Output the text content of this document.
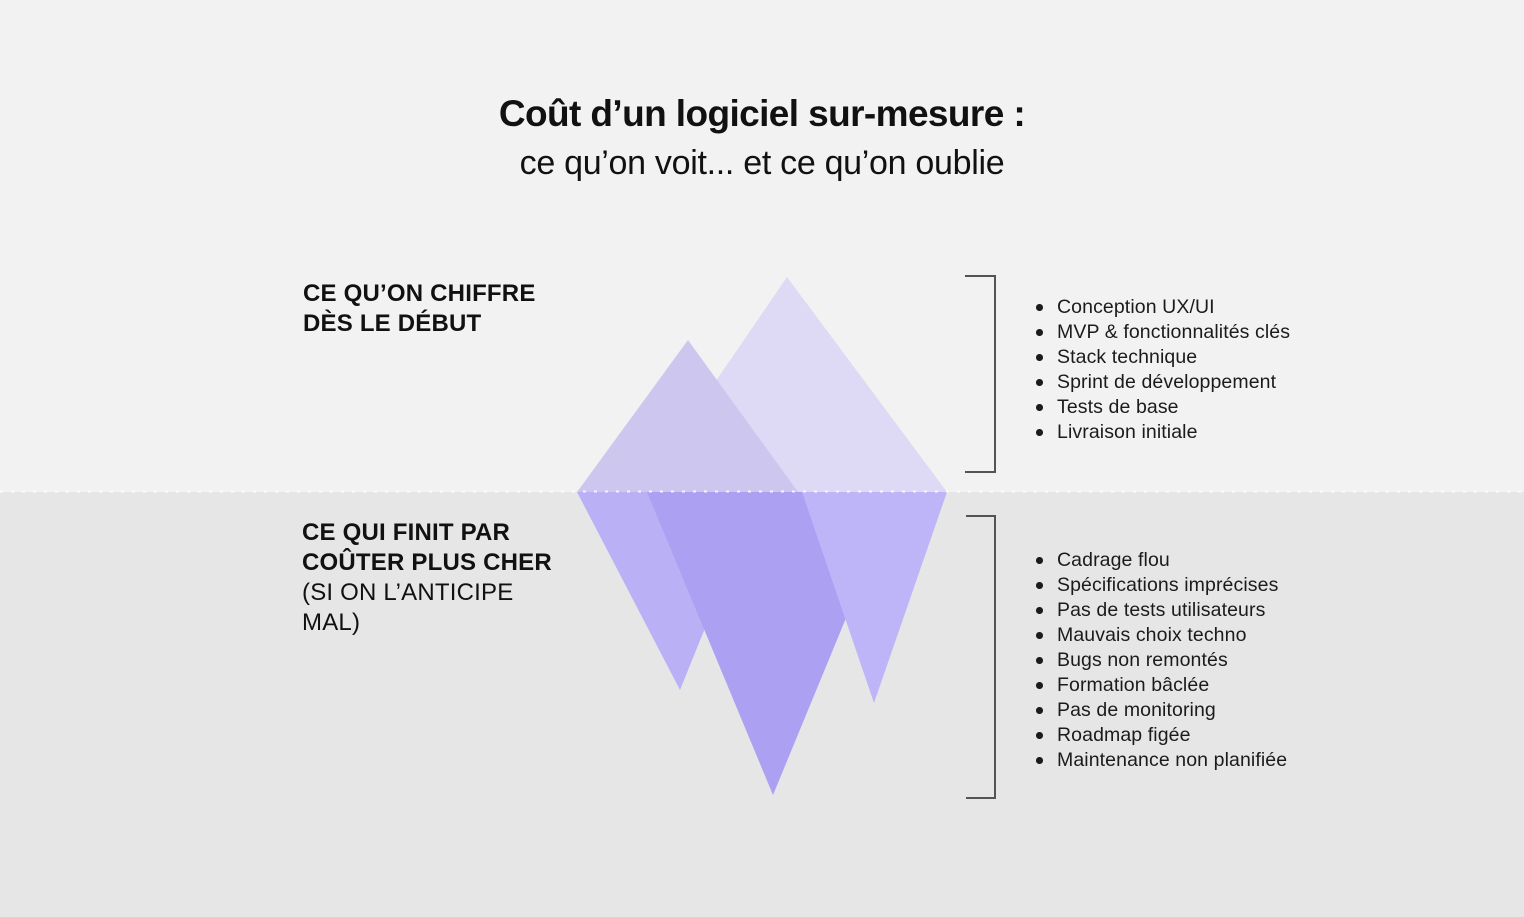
Coût d’un logiciel sur-mesure :
ce qu’on voit... et ce qu’on oublie
CE QU’ON CHIFFRE
DÈS LE DÉBUT
CE QUI FINIT PAR
COÛTER PLUS CHER
(SI ON L’ANTICIPE
MAL)
Conception UX/UI
MVP & fonctionnalités clés
Stack technique
Sprint de développement
Tests de base
Livraison initiale
Cadrage flou
Spécifications imprécises
Pas de tests utilisateurs
Mauvais choix techno
Bugs non remontés
Formation bâclée
Pas de monitoring
Roadmap figée
Maintenance non planifiée
